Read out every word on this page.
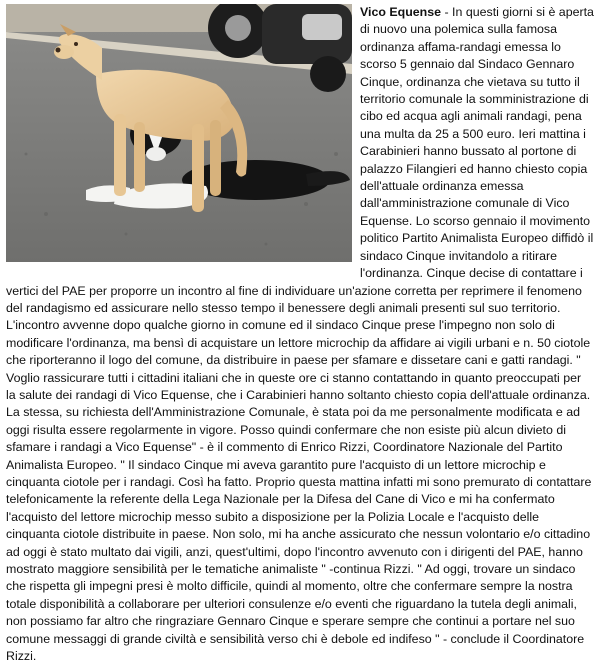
Vico Equense - In questi giorni si è aperta di nuovo una polemica sulla famosa ordinanza affama-randagi emessa lo scorso 5 gennaio dal Sindaco Gennaro Cinque, ordinanza che vietava su tutto il territorio comunale la somministrazione di cibo ed acqua agli animali randagi, pena una multa da 25 a 500 euro. Ieri mattina i Carabinieri hanno bussato al portone di palazzo Filangieri ed hanno chiesto copia dell'attuale ordinanza emessa dall'amministrazione comunale di Vico Equense. Lo scorso gennaio il movimento politico Partito Animalista Europeo diffidò il sindaco Cinque invitandolo a ritirare l'ordinanza. Cinque decise di contattare i vertici del PAE per proporre un incontro al fine di individuare un'azione corretta per reprimere il fenomeno del randagismo ed assicurare nello stesso tempo il benessere degli animali presenti sul suo territorio. L'incontro avvenne dopo qualche giorno in comune ed il sindaco Cinque prese l'impegno non solo di modificare l'ordinanza, ma bensì di acquistare un lettore microchip da affidare ai vigili urbani e n. 50 ciotole che riporteranno il logo del comune, da distribuire in paese per sfamare e dissetare cani e gatti randagi. " Voglio rassicurare tutti i cittadini italiani che in queste ore ci stanno contattando in quanto preoccupati per la salute dei randagi di Vico Equense, che i Carabinieri hanno soltanto chiesto copia dell'attuale ordinanza. La stessa, su richiesta dell'Amministrazione Comunale, è stata poi da me personalmente modificata e ad oggi risulta essere regolarmente in vigore. Posso quindi confermare che non esiste più alcun divieto di sfamare i randagi a Vico Equense" - è il commento di Enrico Rizzi, Coordinatore Nazionale del Partito Animalista Europeo. " Il sindaco Cinque mi aveva garantito pure l'acquisto di un lettore microchip e cinquanta ciotole per i randagi. Così ha fatto. Proprio questa mattina infatti mi sono premurato di contattare telefonicamente la referente della Lega Nazionale per la Difesa del Cane di Vico e mi ha confermato l'acquisto del lettore microchip messo subito a disposizione per la Polizia Locale e l'acquisto delle cinquanta ciotole distribuite in paese. Non solo, mi ha anche assicurato che nessun volontario e/o cittadino ad oggi è stato multato dai vigili, anzi, quest'ultimi, dopo l'incontro avvenuto con i dirigenti del PAE, hanno mostrato maggiore sensibilità per le tematiche animaliste " -continua Rizzi. " Ad oggi, trovare un sindaco che rispetta gli impegni presi è molto difficile, quindi al momento, oltre che confermare sempre la nostra totale disponibilità a collaborare per ulteriori consulenze e/o eventi che riguardano la tutela degli animali, non possiamo far altro che ringraziare Gennaro Cinque e sperare sempre che continui a portare nel suo comune messaggi di grande civiltà e sensibilità verso chi è debole ed indifeso " - conclude il Coordinatore Rizzi.
